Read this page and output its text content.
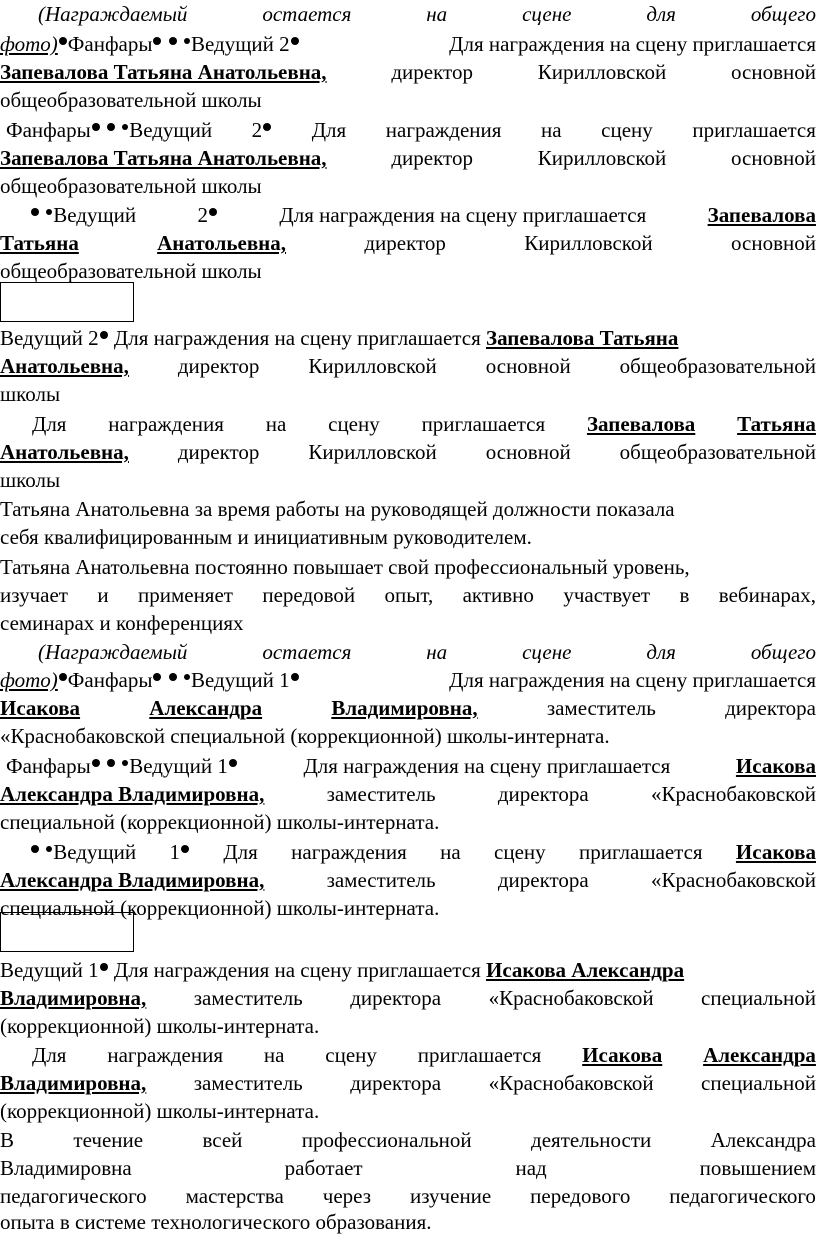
(Награждаемый	остается	на	сцене	для	общего
фото) Фанфары Ведущий 2	Для награждения на сцену приглашается
Запевалова Татьяна Анатольевна,	директор	Кирилловской	основной
общеобразовательной школы
Фанфары Ведущий 2	Для награждения на сцену приглашается
Запевалова Татьяна Анатольевна,	директор	Кирилловской	основной
общеобразовательной школы
Ведущий	2	Для награждения на сцену приглашается	Запевалова
Татьяна	Анатольевна,	директор	Кирилловской	основной
общеобразовательной школы
Ведущий 2 Для награждения на сцену приглашается Запевалова Татьяна
Анатольевна, директор Кирилловской основной общеобразовательной
школы
Для награждения на сцену приглашается Запевалова Татьяна
Анатольевна, директор Кирилловской основной общеобразовательной
школы
Татьяна Анатольевна за время работы на руководящей должности показала
себя квалифицированным и инициативным руководителем.
Татьяна Анатольевна постоянно повышает свой профессиональный уровень,
изучает и применяет передовой опыт, активно участвует в вебинарах,
семинарах и конференциях
(Награждаемый	остается	на	сцене	для	общего
фото) Фанфары Ведущий 1	Для награждения на сцену приглашается
Исакова	Александра	Владимировна,	заместитель	директора
«Краснобаковской специальной (коррекционной) школы-интерната.
Фанфары Ведущий 1	Для награждения на сцену приглашается	Исакова
Александра Владимировна,	заместитель	директора	«Краснобаковской
специальной (коррекционной) школы-интерната.
Ведущий 1	Для награждения на сцену приглашается Исакова
Александра Владимировна,	заместитель	директора	«Краснобаковской
специальной (коррекционной) школы-интерната.
Ведущий 1 Для награждения на сцену приглашается Исакова Александра
Владимировна, заместитель директора «Краснобаковской специальной
(коррекционной) школы-интерната.
Для награждения на сцену приглашается Исакова Александра
Владимировна, заместитель директора «Краснобаковской специальной
(коррекционной) школы-интерната.
В	течение	всей	профессиональной	деятельности	Александра
Владимировна	работает	над	повышением
педагогического мастерства через изучение передового педагогического
опыта в системе технологического образования.
